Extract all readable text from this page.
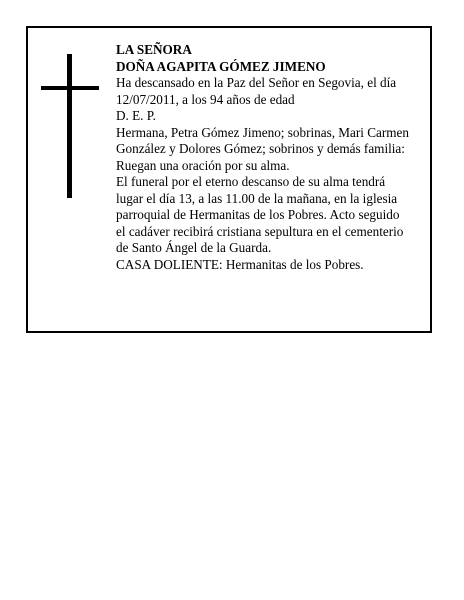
LA SEÑORA
DOÑA AGAPITA GÓMEZ JIMENO
Ha descansado en la Paz del Señor en Segovia, el día
12/07/2011, a los 94 años de edad
D. E. P.
Hermana, Petra Gómez Jimeno; sobrinas, Mari Carmen
González y Dolores Gómez; sobrinos y demás familia:
Ruegan una oración por su alma.
El funeral por el eterno descanso de su alma tendrá
lugar el día 13, a las 11.00 de la mañana, en la iglesia
parroquial de Hermanitas de los Pobres. Acto seguido
el cadáver recibirá cristiana sepultura en el cementerio
de Santo Ángel de la Guarda.
CASA DOLIENTE: Hermanitas de los Pobres.
